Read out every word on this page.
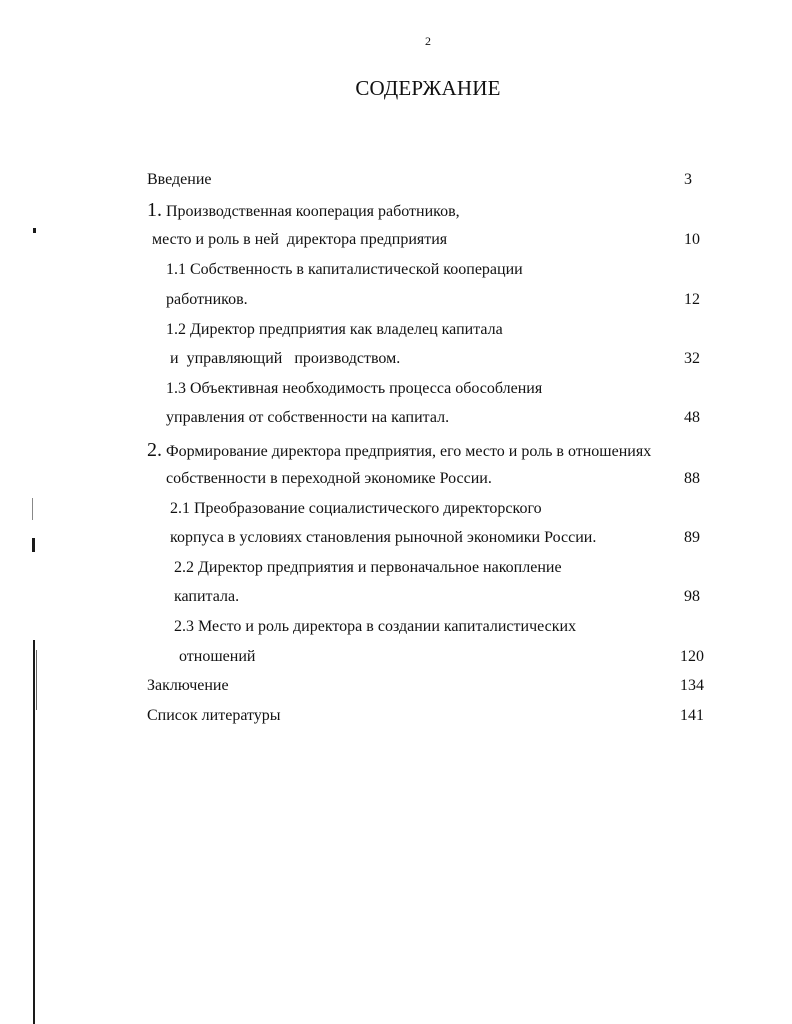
2
СОДЕРЖАНИЕ
Введение	3
1. Производственная кооперация работников,
место и роль в ней  директора предприятия	10
1.1 Собственность в капиталистической кооперации
работников.	12
1.2 Директор предприятия как владелец капитала
и  управляющий   производством.	32
1.3 Объективная необходимость процесса обособления
управления от собственности на капитал.	48
2. Формирование директора предприятия, его место и роль в отношениях
собственности в переходной экономике России.	88
2.1 Преобразование социалистического директорского
корпуса в условиях становления рыночной экономики России.	89
2.2 Директор предприятия и первоначальное накопление
капитала.	98
2.3 Место и роль директора в создании капиталистических
отношений	120
Заключение	134
Список литературы	141
